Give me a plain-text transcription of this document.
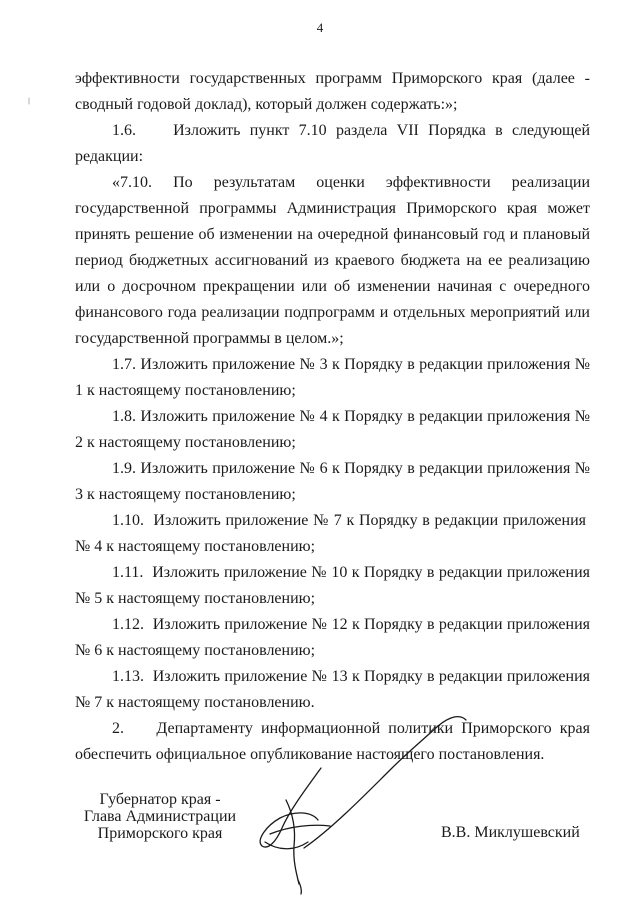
4

эффективности государственных программ Приморского края (далее - сводный годовой доклад), который должен содержать:»;

1.6.    Изложить пункт 7.10 раздела VII Порядка в следующей редакции:

«7.10. По результатам оценки эффективности реализации государственной программы Администрация Приморского края может принять решение об изменении на очередной финансовый год и плановый период бюджетных ассигнований из краевого бюджета на ее реализацию или о досрочном прекращении или об изменении начиная с очередного финансового года реализации подпрограмм и отдельных мероприятий или государственной программы в целом.»;

1.7. Изложить приложение № 3 к Порядку в редакции приложения № 1 к настоящему постановлению;

1.8. Изложить приложение № 4 к Порядку в редакции приложения № 2 к настоящему постановлению;

1.9. Изложить приложение № 6 к Порядку в редакции приложения № 3 к настоящему постановлению;

1.10.  Изложить приложение № 7 к Порядку в редакции приложения  № 4 к настоящему постановлению;

1.11.  Изложить приложение № 10 к Порядку в редакции приложения № 5 к настоящему постановлению;

1.12.  Изложить приложение № 12 к Порядку в редакции приложения № 6 к настоящему постановлению;

1.13.  Изложить приложение № 13 к Порядку в редакции приложения № 7 к настоящему постановлению.

2.    Департаменту информационной политики Приморского края обеспечить официальное опубликование настоящего постановления.

Губернатор края -
Глава Администрации
Приморского края	В.В. Миклушевский
